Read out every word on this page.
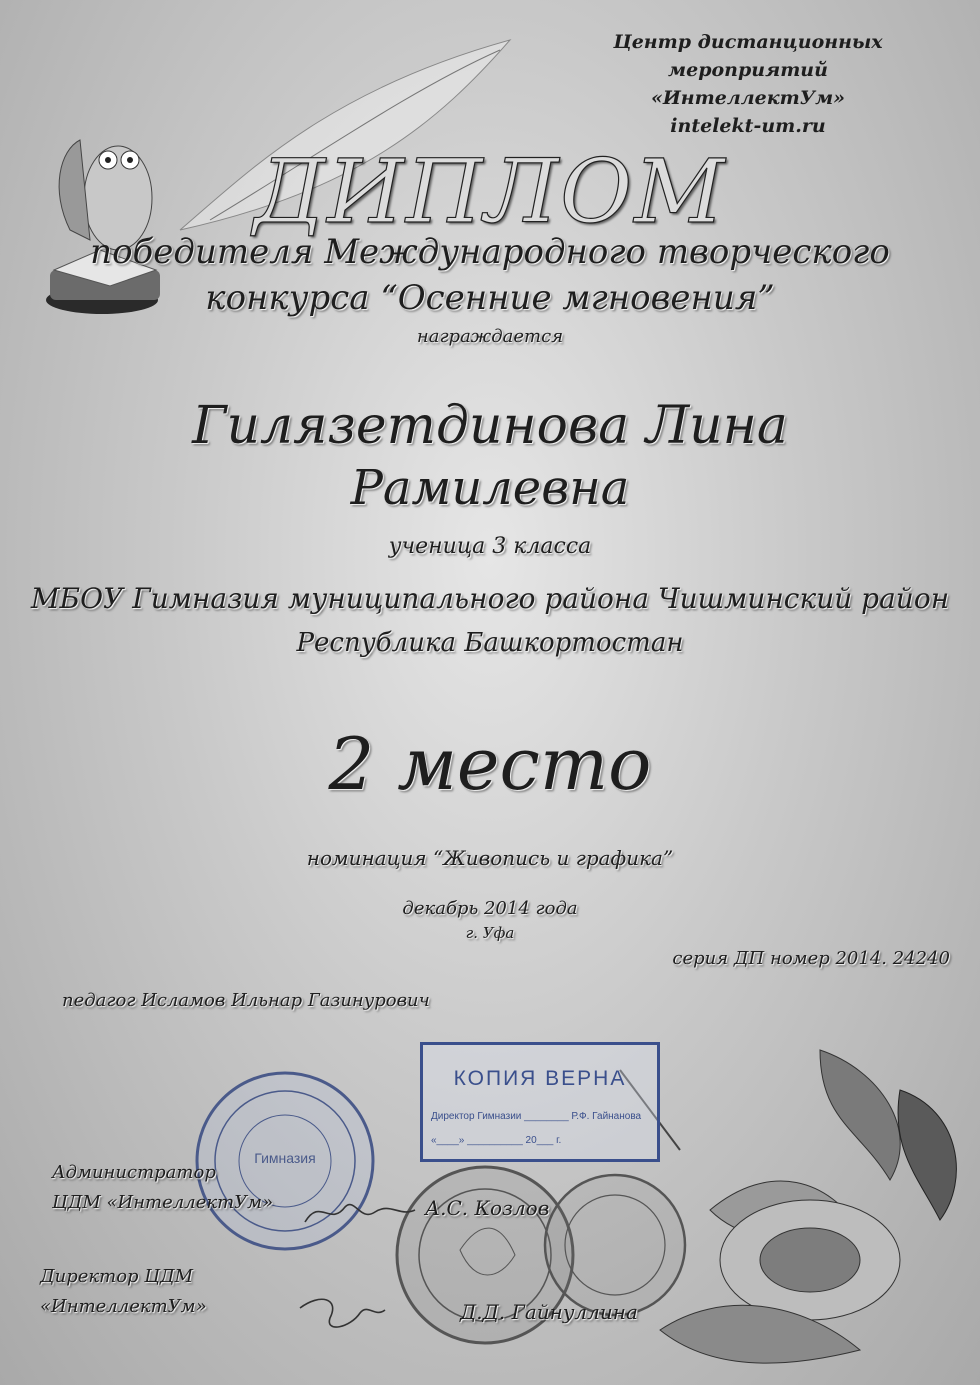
Центр дистанционных мероприятий
«ИнтеллектУм»
intelekt-um.ru
ДИПЛОМ
победителя Международного творческого
конкурса “Осенние мгновения”
награждается
Гилязетдинова Лина
Рамилевна
ученица 3 класса
МБОУ Гимназия муниципального района Чишминский район
Республика Башкортостан
2 место
номинация “Живопись и графика”
декабрь 2014 года
г. Уфа
серия ДП номер 2014. 24240
педагог Исламов Ильнар Газинурович
Гимназия
КОПИЯ ВЕРНА
Директор Гимназии ________ Р.Ф. Гайнанова
«____» __________ 20___ г.
Администратор
ЦДМ «ИнтеллектУм»	А.С. Козлов
Директор ЦДМ
«ИнтеллектУм»	Д.Д. Гайнуллина
